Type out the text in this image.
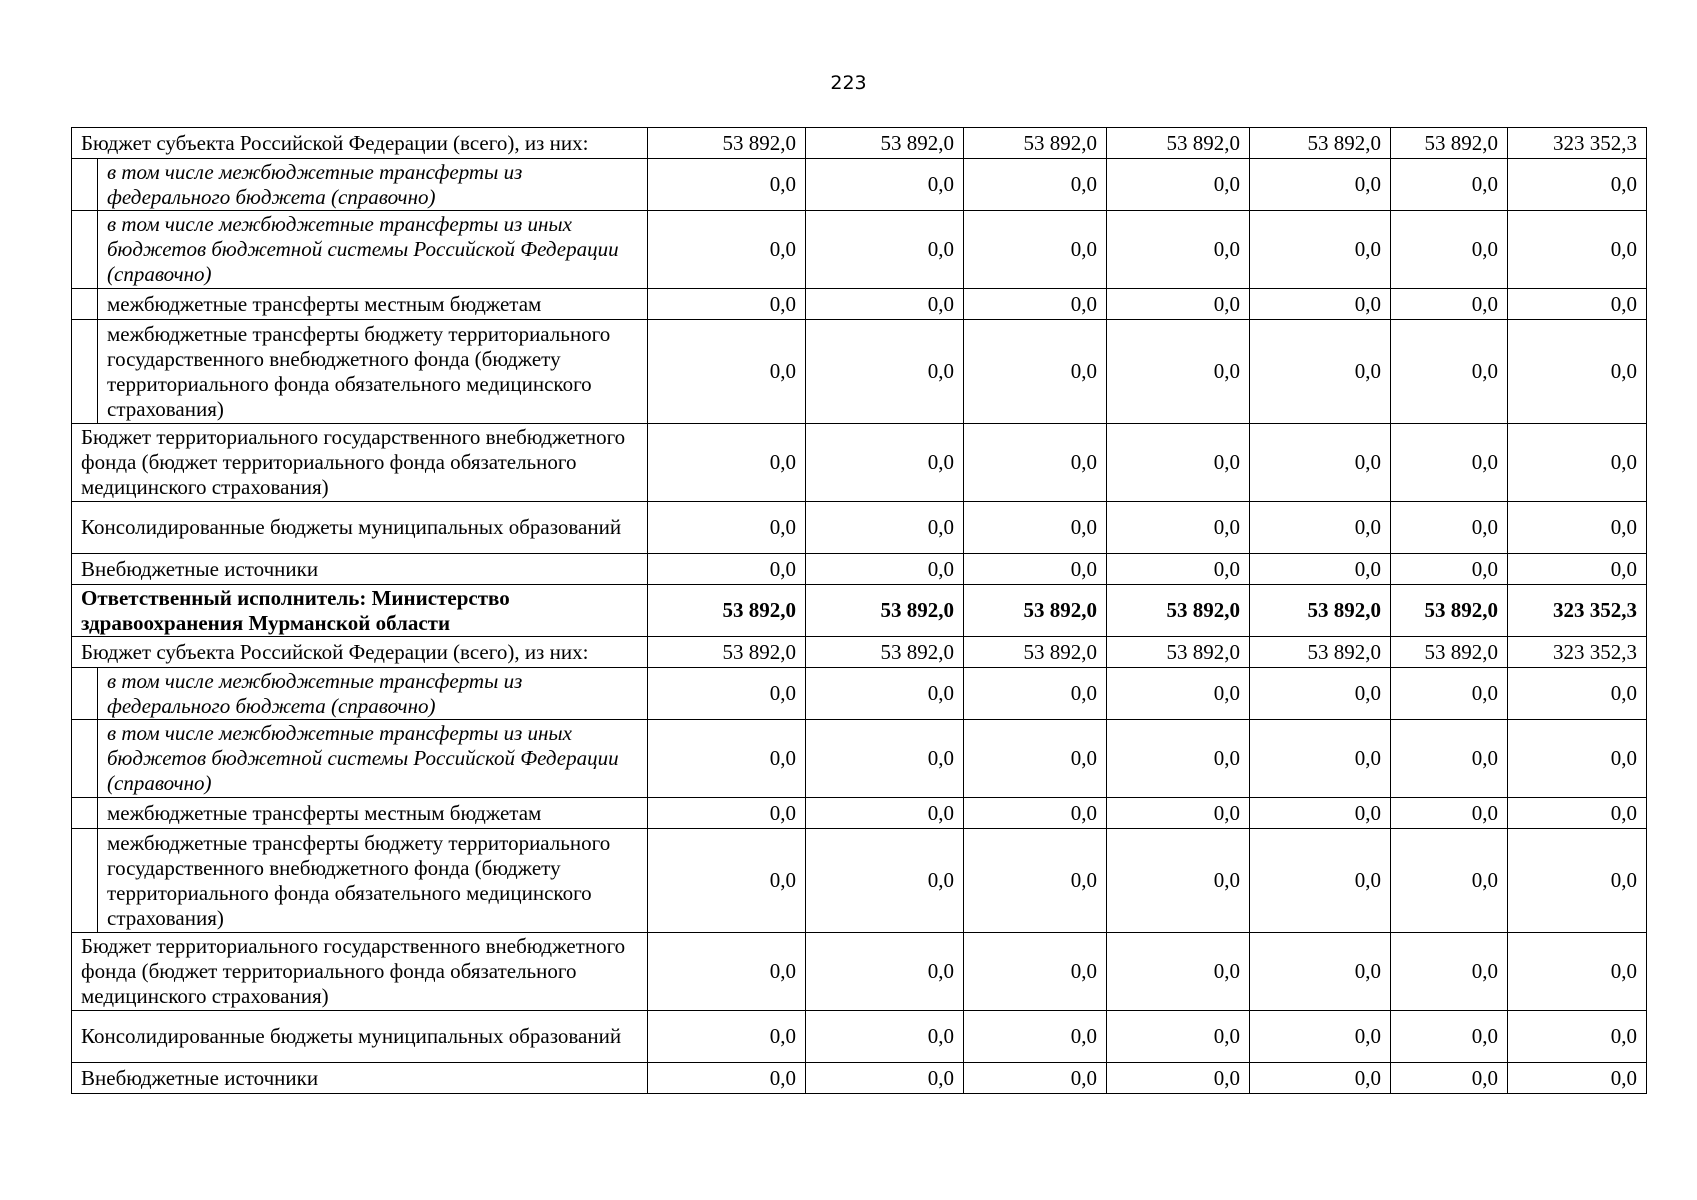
223
Бюджет субъекта Российской Федерации (всего), из них:		53 892,0	53 892,0	53 892,0	53 892,0	53 892,0	53 892,0	323 352,3
	в том числе межбюджетные трансферты из федерального бюджета (справочно)	0,0	0,0	0,0	0,0	0,0	0,0	0,0
	в том числе межбюджетные трансферты из иных бюджетов бюджетной системы Российской Федерации (справочно)	0,0	0,0	0,0	0,0	0,0	0,0	0,0
	межбюджетные трансферты местным бюджетам	0,0	0,0	0,0	0,0	0,0	0,0	0,0
	межбюджетные трансферты бюджету территориального государственного внебюджетного фонда (бюджету территориального фонда обязательного медицинского страхования)	0,0	0,0	0,0	0,0	0,0	0,0	0,0
Бюджет территориального государственного внебюджетного фонда (бюджет территориального фонда обязательного медицинского страхования)		0,0	0,0	0,0	0,0	0,0	0,0	0,0
Консолидированные бюджеты муниципальных образований		0,0	0,0	0,0	0,0	0,0	0,0	0,0
Внебюджетные источники		0,0	0,0	0,0	0,0	0,0	0,0	0,0
Ответственный исполнитель: Министерство здравоохранения Мурманской области		53 892,0	53 892,0	53 892,0	53 892,0	53 892,0	53 892,0	323 352,3
Бюджет субъекта Российской Федерации (всего), из них:		53 892,0	53 892,0	53 892,0	53 892,0	53 892,0	53 892,0	323 352,3
	в том числе межбюджетные трансферты из федерального бюджета (справочно)	0,0	0,0	0,0	0,0	0,0	0,0	0,0
	в том числе межбюджетные трансферты из иных бюджетов бюджетной системы Российской Федерации (справочно)	0,0	0,0	0,0	0,0	0,0	0,0	0,0
	межбюджетные трансферты местным бюджетам	0,0	0,0	0,0	0,0	0,0	0,0	0,0
	межбюджетные трансферты бюджету территориального государственного внебюджетного фонда (бюджету территориального фонда обязательного медицинского страхования)	0,0	0,0	0,0	0,0	0,0	0,0	0,0
Бюджет территориального государственного внебюджетного фонда (бюджет территориального фонда обязательного медицинского страхования)		0,0	0,0	0,0	0,0	0,0	0,0	0,0
Консолидированные бюджеты муниципальных образований		0,0	0,0	0,0	0,0	0,0	0,0	0,0
Внебюджетные источники		0,0	0,0	0,0	0,0	0,0	0,0	0,0
